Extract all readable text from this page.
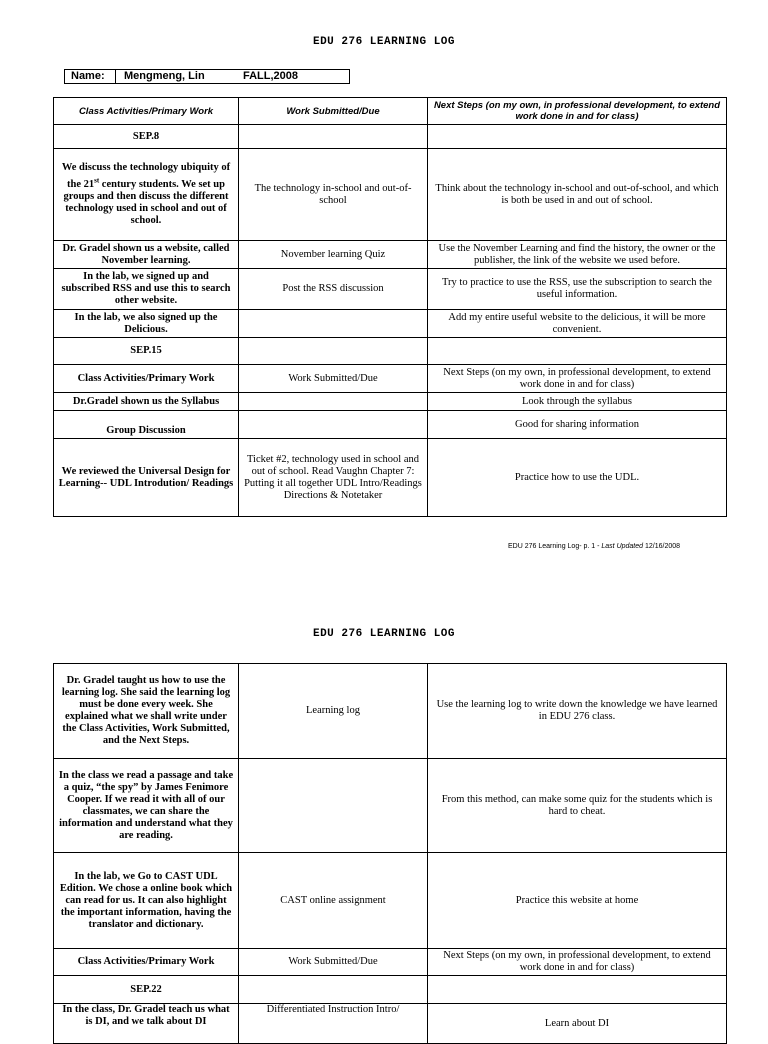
EDU 276 LEARNING LOG
Name: Mengmeng, Lin	FALL,2008
Class Activities/Primary Work	Work Submitted/Due	Next Steps (on my own, in professional development, to extend work done in and for class)
SEP.8		
We discuss the technology ubiquity of the 21st century students. We set up groups and then discuss the different technology used in school and out of school.	The technology in-school and out-of-school	Think about the technology in-school and out-of-school, and which is both be used in and out of school.
Dr. Gradel shown us a website, called November learning.	November learning Quiz	Use the November Learning and find the history, the owner or the publisher, the link of the website we used before.
In the lab, we signed up and subscribed RSS and use this to search other website.	Post the RSS discussion	Try to practice to use the RSS, use the subscription to search the useful information.
In the lab, we also signed up the Delicious.		Add my entire useful website to the delicious, it will be more convenient.
SEP.15		
Class Activities/Primary Work	Work Submitted/Due	Next Steps (on my own, in professional development, to extend work done in and for class)
Dr.Gradel shown us the Syllabus		Look through the syllabus
Group Discussion		Good for sharing information
We reviewed the Universal Design for Learning-- UDL Introdution/ Readings	Ticket #2, technology used in school and out of school. Read Vaughn Chapter 7: Putting it all together UDL Intro/Readings Directions & Notetaker	Practice how to use the UDL.
EDU 276 Learning Log- p. 1 - Last Updated 12/16/2008
EDU 276 LEARNING LOG
Dr. Gradel taught us how to use the learning log. She said the learning log must be done every week. She explained what we shall write under the Class Activities, Work Submitted, and the Next Steps.	Learning log	Use the learning log to write down the knowledge we have learned in EDU 276 class.
In the class we read a passage and take a quiz, “the spy” by James Fenimore Cooper. If we read it with all of our classmates, we can share the information and understand what they are reading.		From this method, can make some quiz for the students which is hard to cheat.
In the lab, we Go to CAST UDL Edition. We chose a online book which can read for us. It can also highlight the important information, having the translator and dictionary.	CAST online assignment	Practice this website at home
Class Activities/Primary Work	Work Submitted/Due	Next Steps (on my own, in professional development, to extend work done in and for class)
SEP.22		
In the class, Dr. Gradel teach us what is DI, and we talk about DI	Differentiated Instruction Intro/	Learn about DI
